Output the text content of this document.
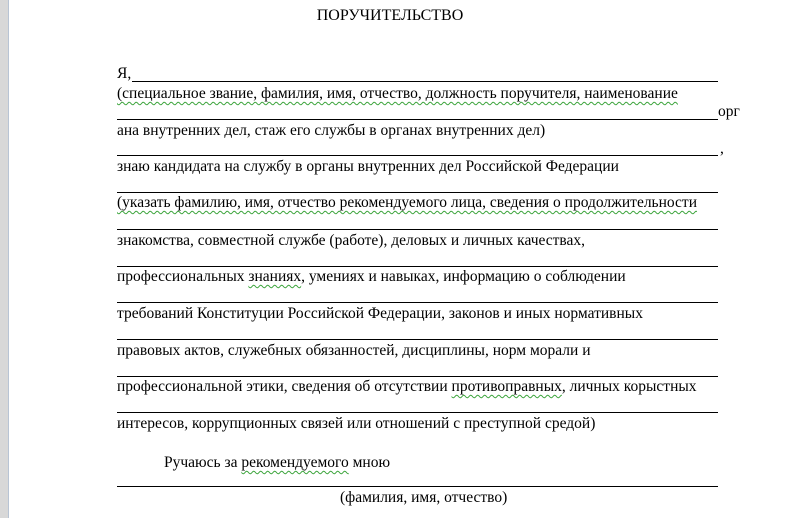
ПОРУЧИТЕЛЬСТВО
Я,
(специальное звание, фамилия, имя, отчество, должность поручителя, наименование
орг
ана внутренних дел, стаж его службы в органах внутренних дел)
,
знаю кандидата на службу в органы внутренних дел Российской Федерации
(указать фамилию, имя, отчество рекомендуемого лица, сведения о продолжительности
знакомства, совместной службе (работе), деловых и личных качествах,
профессиональных знаниях, умениях и навыках, информацию о соблюдении
требований Конституции Российской Федерации, законов и иных нормативных
правовых актов, служебных обязанностей, дисциплины, норм морали и
профессиональной этики, сведения об отсутствии противоправных, личных корыстных
интересов, коррупционных связей или отношений с преступной средой)
Ручаюсь за рекомендуемого мною
(фамилия, имя, отчество)
